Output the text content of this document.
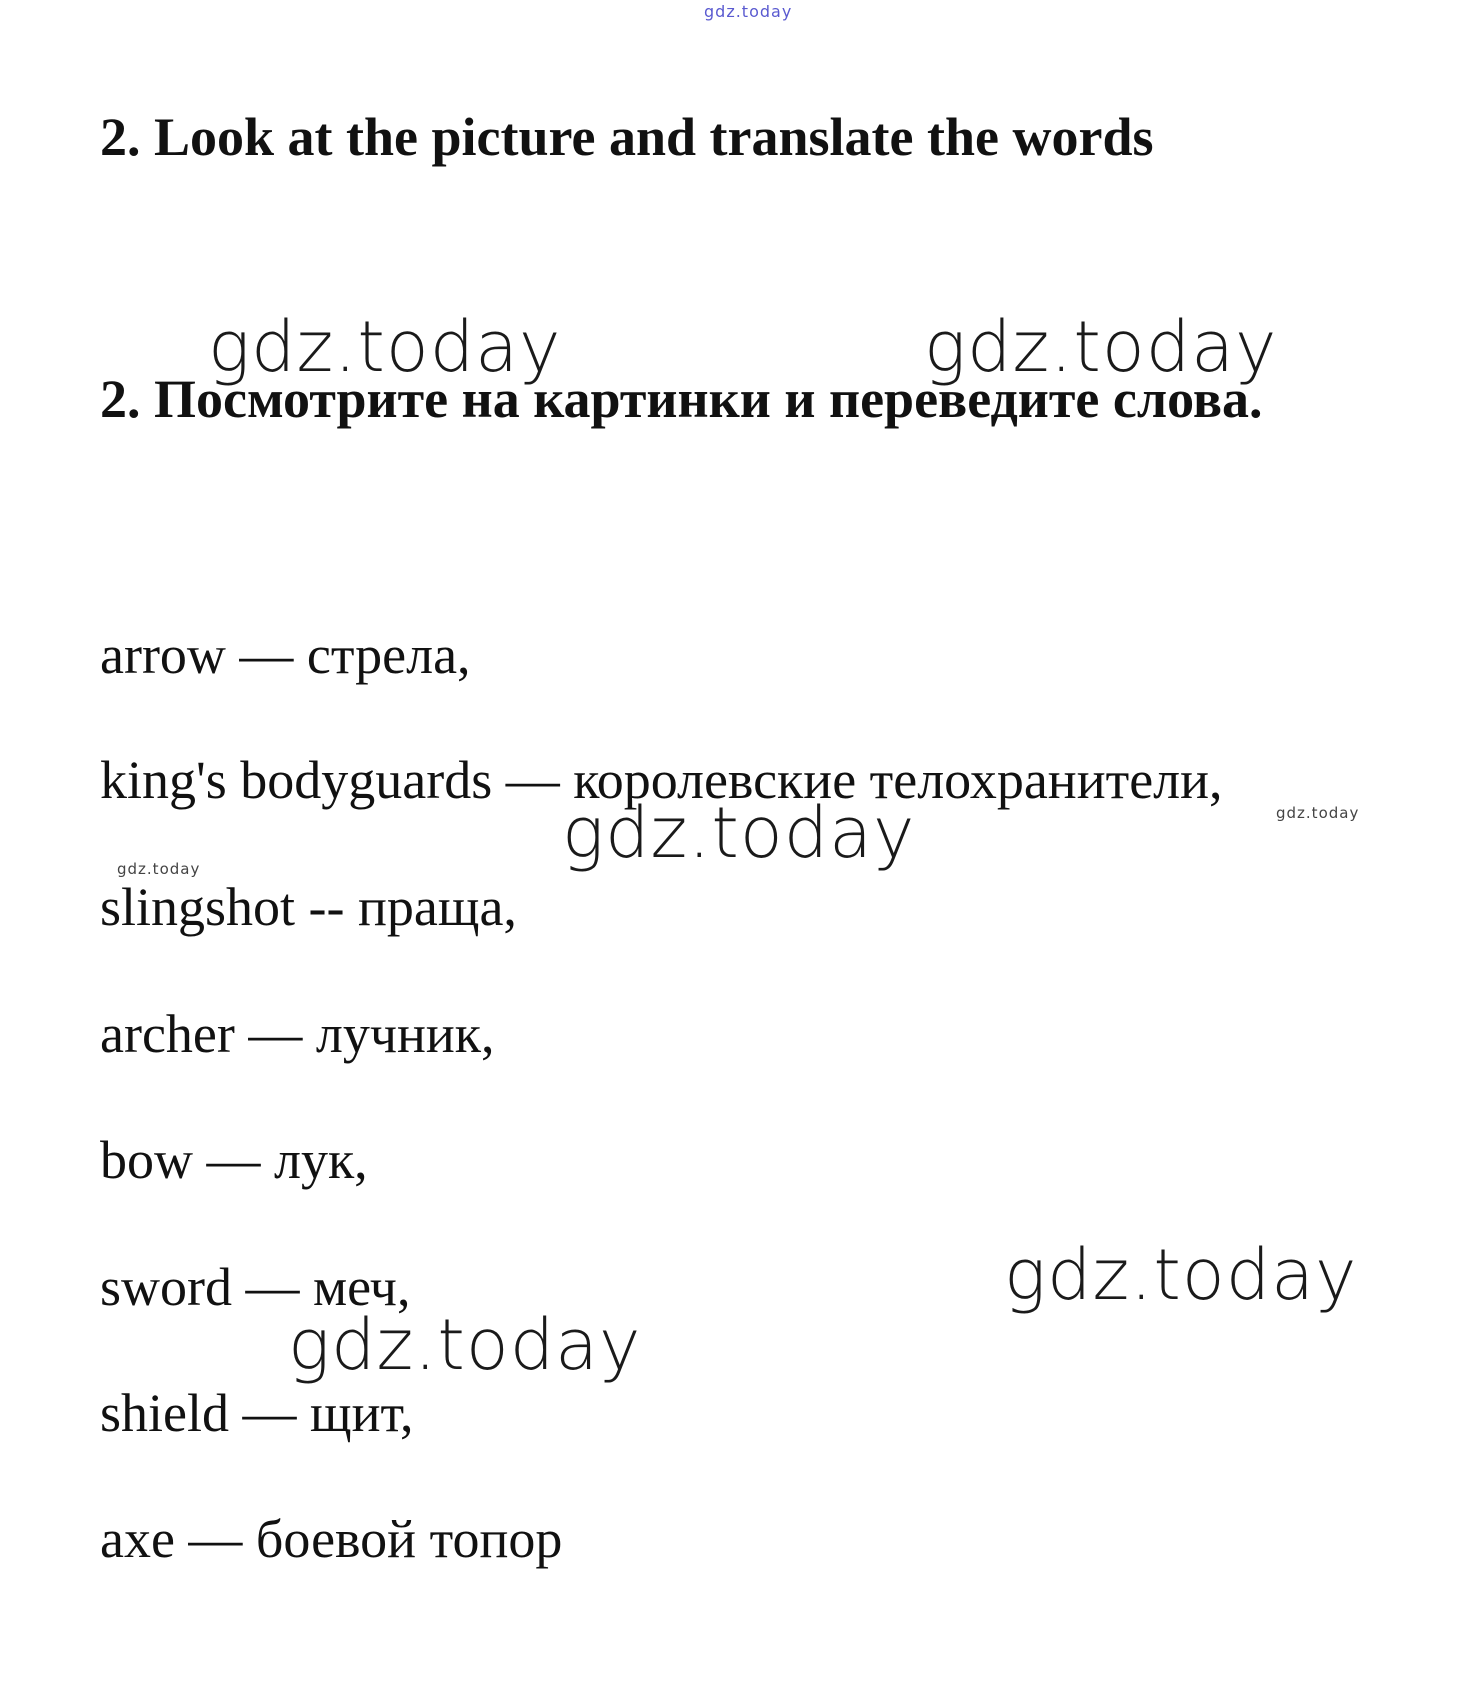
gdz.today
gdz.today	gdz.today
gdz.today
gdz.today
gdz.today
gdz.today
gdz.today
2. Look at the picture and translate the words
2. Посмотрите на картинки и переведите слова.
arrow — стрела,
king's bodyguards — королевские телохранители,
slingshot -- праща,
archer — лучник,
bow — лук,
sword — меч,
shield — щит,
axe — боевой топор
